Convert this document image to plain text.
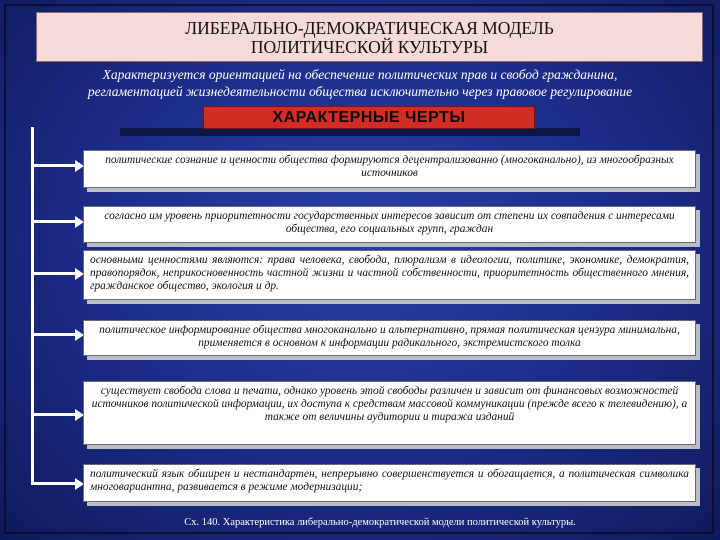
ЛИБЕРАЛЬНО-ДЕМОКРАТИЧЕСКАЯ МОДЕЛЬ
ПОЛИТИЧЕСКОЙ КУЛЬТУРЫ
Характеризуется ориентацией на обеспечение политических прав и свобод гражданина,
регламентацией жизнедеятельности общества исключительно через правовое регулирование
ХАРАКТЕРНЫЕ ЧЕРТЫ
политические сознание и ценности общества формируются децентрализованно (многоканально), из многообразных источников
согласно им уровень приоритетности государственных интересов зависит от степени их совпадения с интересами общества, его социальных групп, граждан
основными ценностями являются: права человека, свобода, плюрализм в идеологии, политике, экономике, демократия, правопорядок, неприкосновенность частной жизни и частной собственности, приоритетность общественного мнения, гражданское общество, экология и др.
политическое информирование общества многоканально и альтернативно, прямая политическая цензура минимальна, применяется в основном к информации радикального, экстремистского толка
существует свобода слова и печати, однако уровень этой свободы различен и зависит от финансовых возможностей источников политической информации, их доступа к средствам массовой коммуникации (прежде всего к телевидению), а также от величины аудитории и тиража изданий
политический язык обширен и нестандартен, непрерывно совершенствуется и обогащается, а политическая символика многовариантна, развивается в режиме модернизации;
Сх. 140. Характеристика либерально-демократической модели политической культуры.
